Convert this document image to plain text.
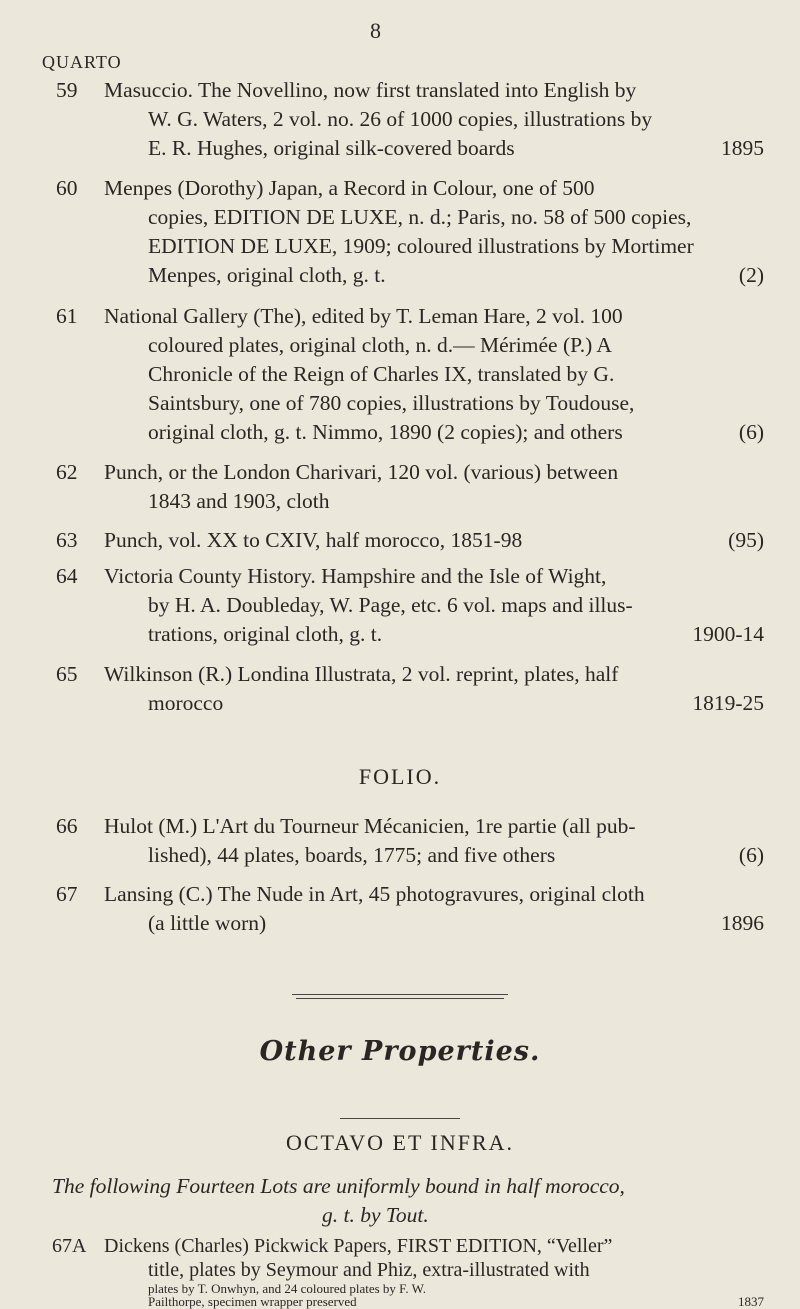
QUARTO
8
59 Masuccio. The Novellino, now first translated into English by
W. G. Waters, 2 vol. no. 26 of 1000 copies, illustrations by
E. R. Hughes, original silk-covered boards	1895
60 Menpes (Dorothy) Japan, a Record in Colour, one of 500
copies, EDITION DE LUXE, n. d.; Paris, no. 58 of 500 copies,
EDITION DE LUXE, 1909; coloured illustrations by Mortimer
Menpes, original cloth, g. t.	(2)
61 National Gallery (The), edited by T. Leman Hare, 2 vol. 100
coloured plates, original cloth, n. d.— Mérimée (P.) A
Chronicle of the Reign of Charles IX, translated by G.
Saintsbury, one of 780 copies, illustrations by Toudouse,
original cloth, g. t. Nimmo, 1890 (2 copies); and others	(6)
62 Punch, or the London Charivari, 120 vol. (various) between
1843 and 1903, cloth
63 Punch, vol. XX to CXIV, half morocco, 1851-98	(95)
64 Victoria County History. Hampshire and the Isle of Wight,
by H. A. Doubleday, W. Page, etc. 6 vol. maps and illus-
trations, original cloth, g. t.	1900-14
65 Wilkinson (R.) Londina Illustrata, 2 vol. reprint, plates, half
morocco	1819-25
FOLIO.
66 Hulot (M.) L'Art du Tourneur Mécanicien, 1re partie (all pub-
lished), 44 plates, boards, 1775; and five others	(6)
67 Lansing (C.) The Nude in Art, 45 photogravures, original cloth
(a little worn)	1896
Other Properties.
OCTAVO ET INFRA.
The following Fourteen Lots are uniformly bound in half morocco,
g. t. by Tout.
67A Dickens (Charles) Pickwick Papers, FIRST EDITION, “Veller”
title, plates by Seymour and Phiz, extra-illustrated with
plates by T. Onwhyn, and 24 coloured plates by F. W.
Pailthorpe, specimen wrapper preserved	1837
